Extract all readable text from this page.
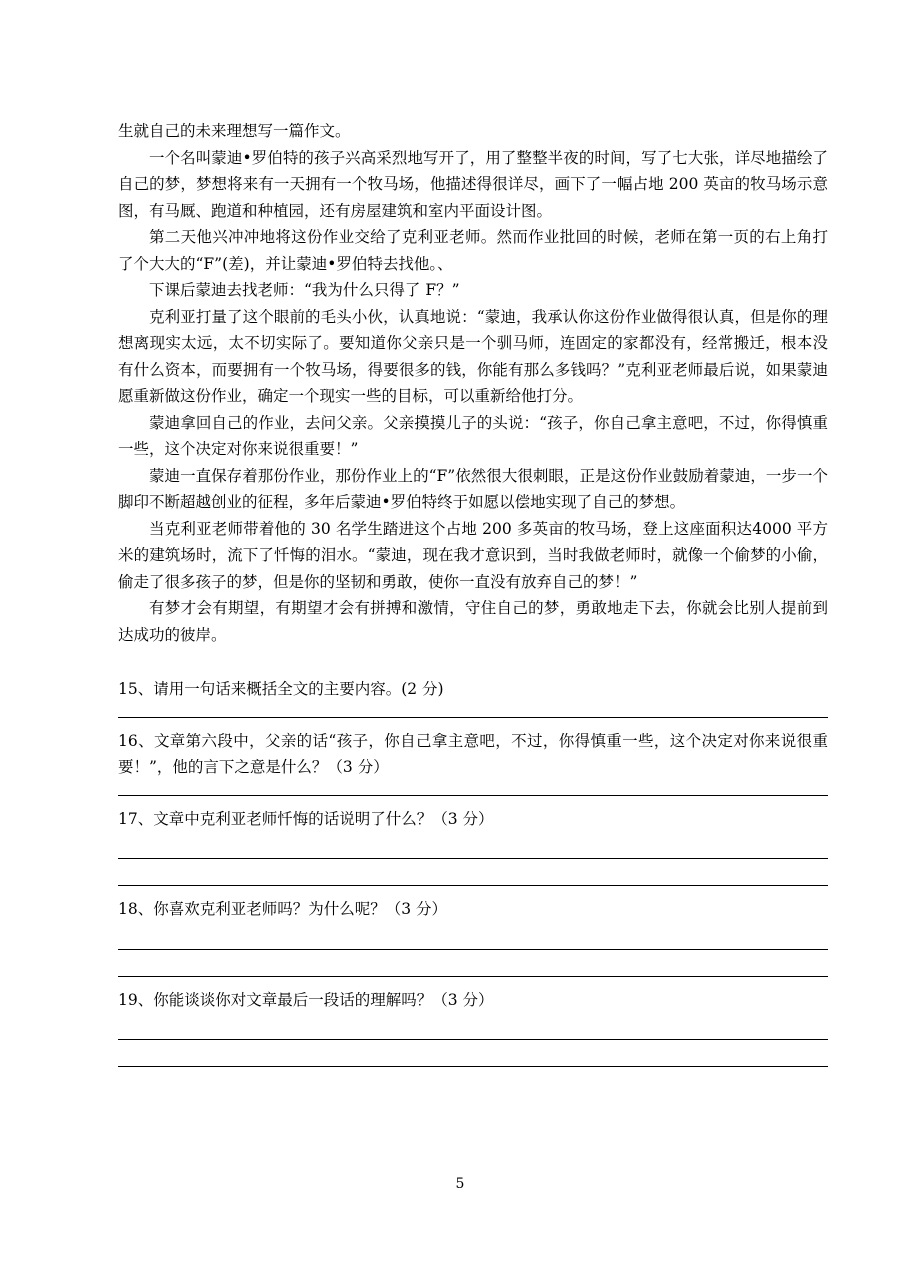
生就自己的未来理想写一篇作文。

一个名叫蒙迪•罗伯特的孩子兴高采烈地写开了，用了整整半夜的时间，写了七大张，详尽地描绘了自己的梦，梦想将来有一天拥有一个牧马场，他描述得很详尽，画下了一幅占地 200 英亩的牧马场示意图，有马厩、跑道和种植园，还有房屋建筑和室内平面设计图。

第二天他兴冲冲地将这份作业交给了克利亚老师。然而作业批回的时候，老师在第一页的右上角打了个大大的“F”(差)，并让蒙迪•罗伯特去找他。、

下课后蒙迪去找老师：“我为什么只得了 F？”

克利亚打量了这个眼前的毛头小伙，认真地说：“蒙迪，我承认你这份作业做得很认真，但是你的理想离现实太远，太不切实际了。要知道你父亲只是一个驯马师，连固定的家都没有，经常搬迁，根本没有什么资本，而要拥有一个牧马场，得要很多的钱，你能有那么多钱吗？”克利亚老师最后说，如果蒙迪愿重新做这份作业，确定一个现实一些的目标，可以重新给他打分。

蒙迪拿回自己的作业，去问父亲。父亲摸摸儿子的头说：“孩子，你自己拿主意吧，不过，你得慎重一些，这个决定对你来说很重要！”

蒙迪一直保存着那份作业，那份作业上的“F”依然很大很刺眼，正是这份作业鼓励着蒙迪，一步一个脚印不断超越创业的征程，多年后蒙迪•罗伯特终于如愿以偿地实现了自己的梦想。

当克利亚老师带着他的 30 名学生踏进这个占地 200 多英亩的牧马场，登上这座面积达4000 平方米的建筑场时，流下了忏悔的泪水。“蒙迪，现在我才意识到，当时我做老师时，就像一个偷梦的小偷，偷走了很多孩子的梦，但是你的坚韧和勇敢，使你一直没有放弃自己的梦！”

有梦才会有期望，有期望才会有拼搏和激情，守住自己的梦，勇敢地走下去，你就会比别人提前到达成功的彼岸。

15、请用一句话来概括全文的主要内容。(2 分)

16、文章第六段中，父亲的话“孩子，你自己拿主意吧，不过，你得慎重一些，这个决定对你来说很重要！”，他的言下之意是什么？（3 分）

17、文章中克利亚老师忏悔的话说明了什么？（3 分）

18、你喜欢克利亚老师吗？为什么呢？（3 分）

19、你能谈谈你对文章最后一段话的理解吗？（3 分）

5
